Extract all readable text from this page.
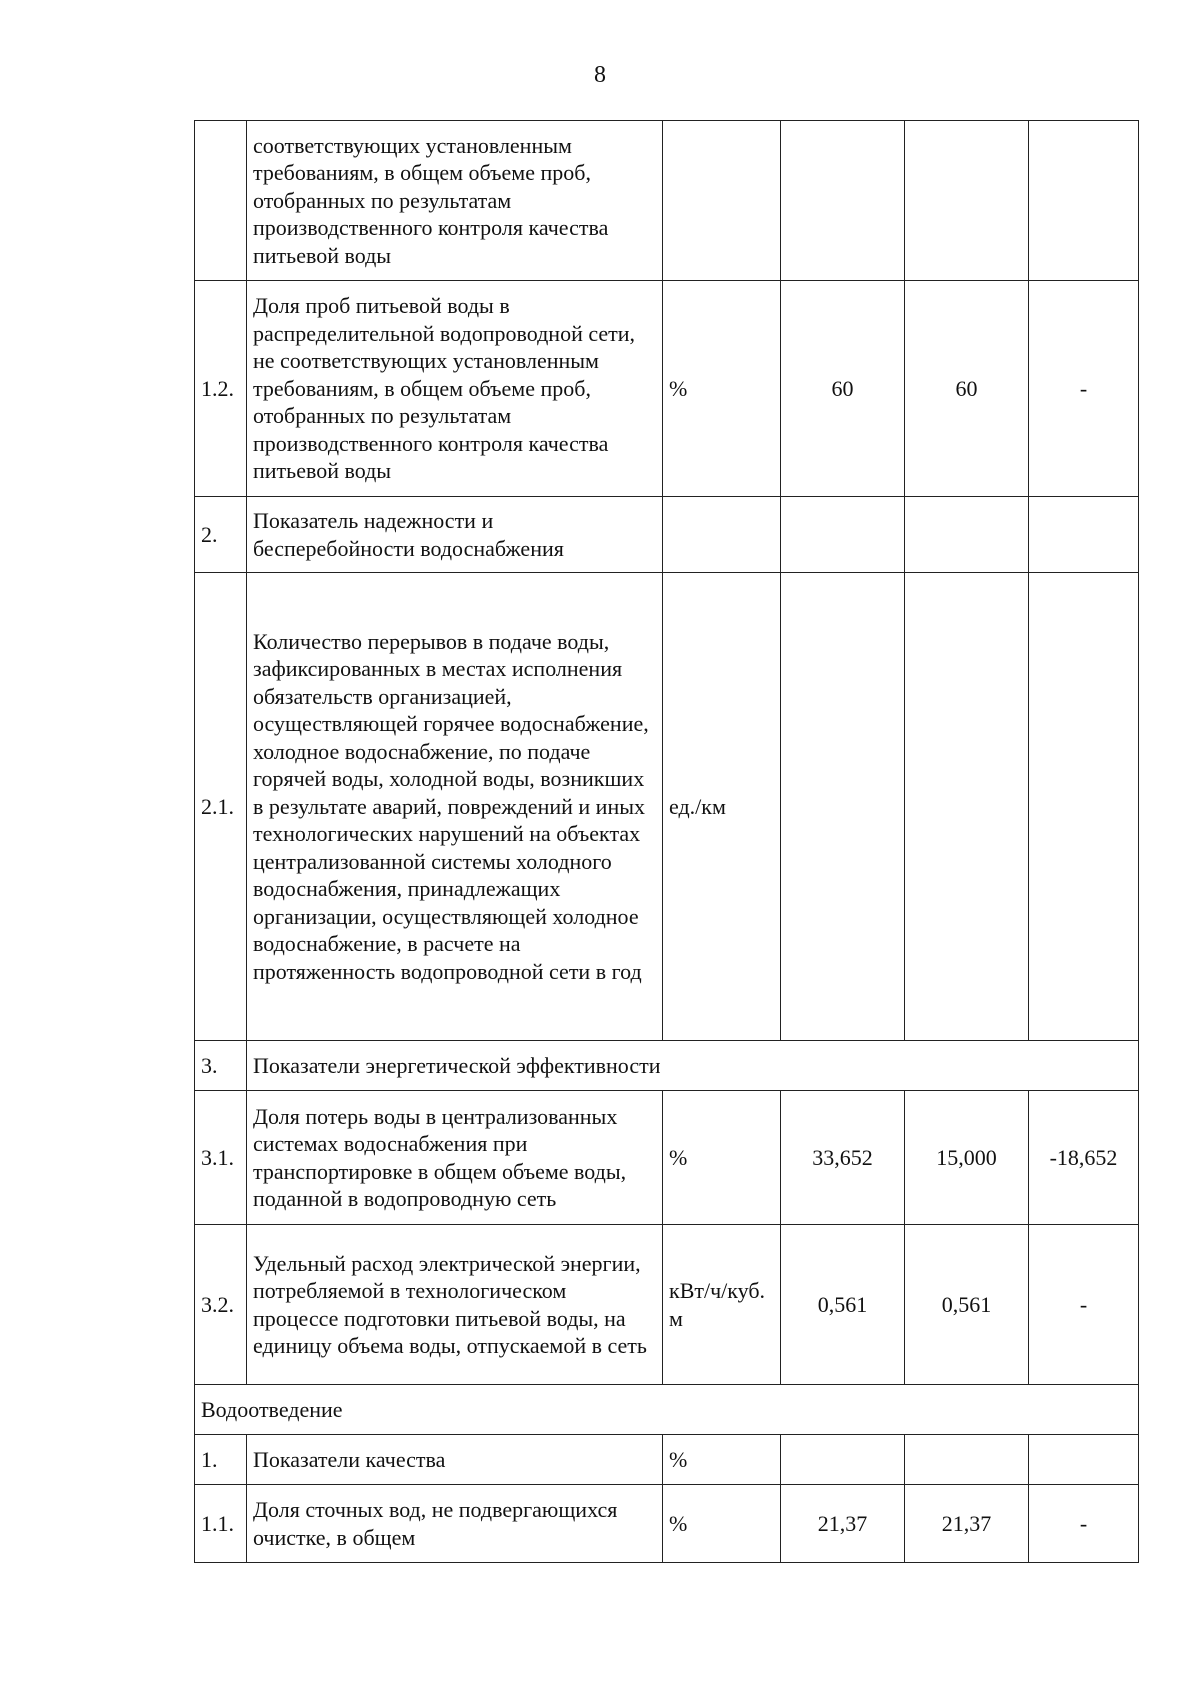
8
	соответствующих установленным требованиям, в общем объеме проб, отобранных по результатам производственного контроля качества питьевой воды				
1.2.	Доля проб питьевой воды в распределительной водопроводной сети, не соответствующих установленным требованиям, в общем объеме проб, отобранных по результатам производственного контроля качества питьевой воды	%	60	60	-
2.	Показатель надежности и бесперебойности водоснабжения				
2.1.	Количество перерывов в подаче воды, зафиксированных в местах исполнения обязательств организацией, осуществляющей горячее водоснабжение, холодное водоснабжение, по подаче горячей воды, холодной воды, возникших в результате аварий, повреждений и иных технологических нарушений на объектах централизованной системы холодного водоснабжения, принадлежащих организации, осуществляющей холодное водоснабжение, в расчете на протяженность водопроводной сети в год	ед./км			
3.	Показатели энергетической эффективности				
3.1.	Доля потерь воды в централизованных системах водоснабжения при транспортировке в общем объеме воды, поданной в водопроводную сеть	%	33,652	15,000	-18,652
3.2.	Удельный расход электрической энергии, потребляемой в технологическом процессе подготовки питьевой воды, на единицу объема воды, отпускаемой в сеть	кВт/ч/куб. м	0,561	0,561	-
Водоотведение					
1.	Показатели качества	%			
1.1.	Доля сточных вод, не подвергающихся очистке, в общем	%	21,37	21,37	-
